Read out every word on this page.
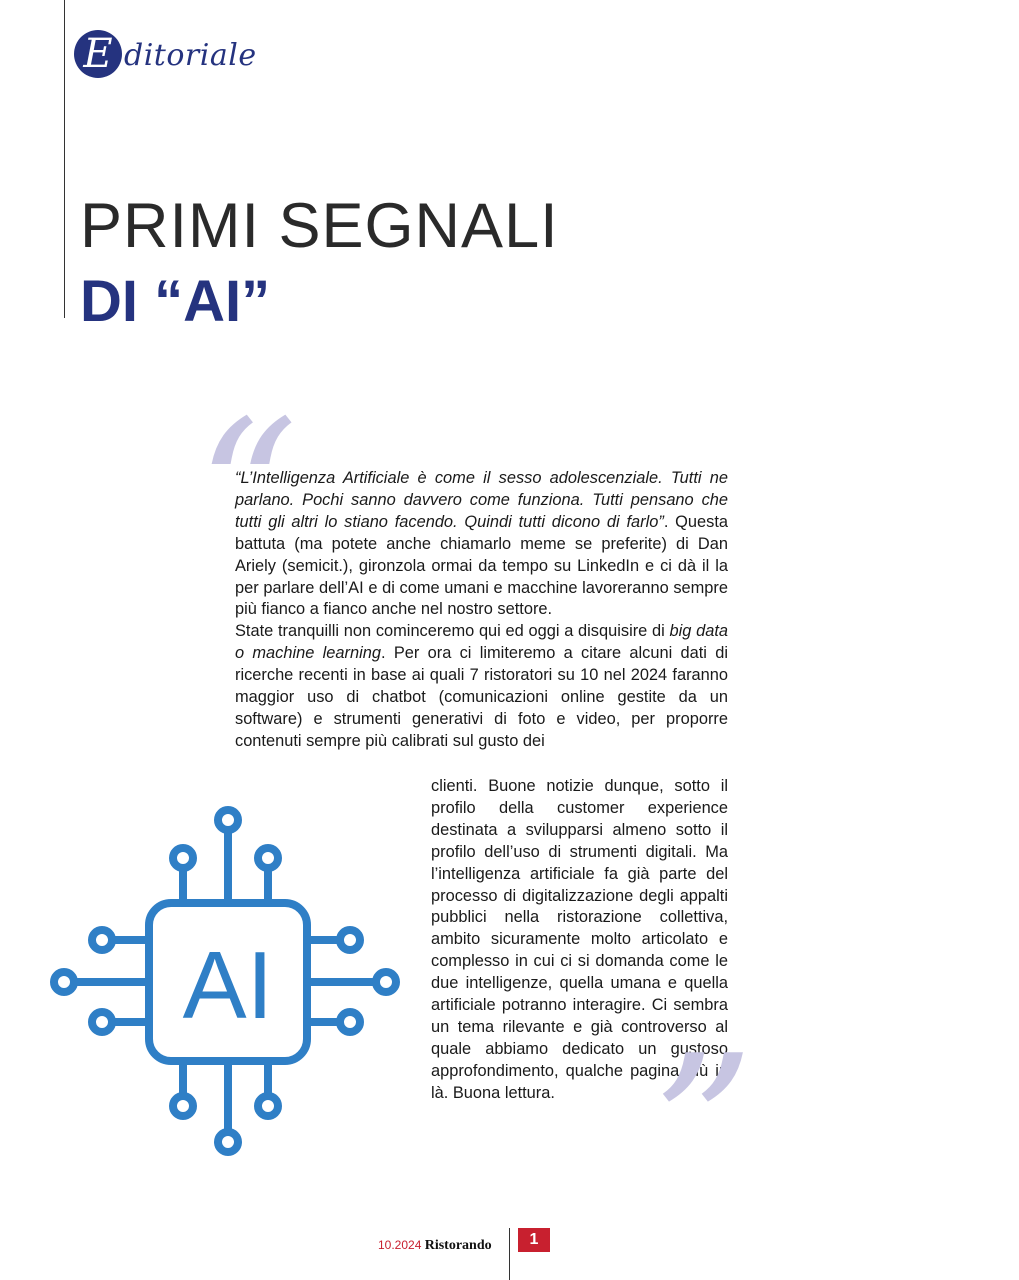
E ditoriale
PRIMI SEGNALI
DI “AI”
“

“L’Intelligenza Artificiale è come il sesso adolescenziale. Tutti ne parlano. Pochi sanno davvero come funziona. Tutti pensano che tutti gli altri lo stiano facendo. Quindi tutti dicono di farlo”. Questa battuta (ma potete anche chiamarlo meme se preferite) di Dan Ariely (semicit.), gironzola ormai da tempo su LinkedIn e ci dà il la per parlare dell’AI e di come umani e macchine lavoreranno sempre più fianco a fianco anche nel nostro settore.

State tranquilli non cominceremo qui ed oggi a disquisire di big data o machine learning. Per ora ci limiteremo a citare alcuni dati di ricerche recenti in base ai quali 7 ristoratori su 10 nel 2024 faranno maggior uso di chatbot (comunicazioni online gestite da un software) e strumenti generativi di foto e video, per proporre contenuti sempre più calibrati sul gusto dei

clienti. Buone notizie dunque, sotto il profilo della customer experience destinata a svilupparsi almeno sotto il profilo dell’uso di strumenti digitali. Ma l’intelligenza artificiale fa già parte del processo di digitalizzazione degli appalti pubblici nella ristorazione collettiva, ambito sicuramente molto articolato e complesso in cui ci si domanda come le due intelligenze, quella umana e quella artificiale potranno interagire. Ci sembra un tema rilevante e già controverso al quale abbiamo dedicato un gustoso approfondimento, qualche pagina più in là. Buona lettura. ”
AI
10.2024 Ristorando	1
